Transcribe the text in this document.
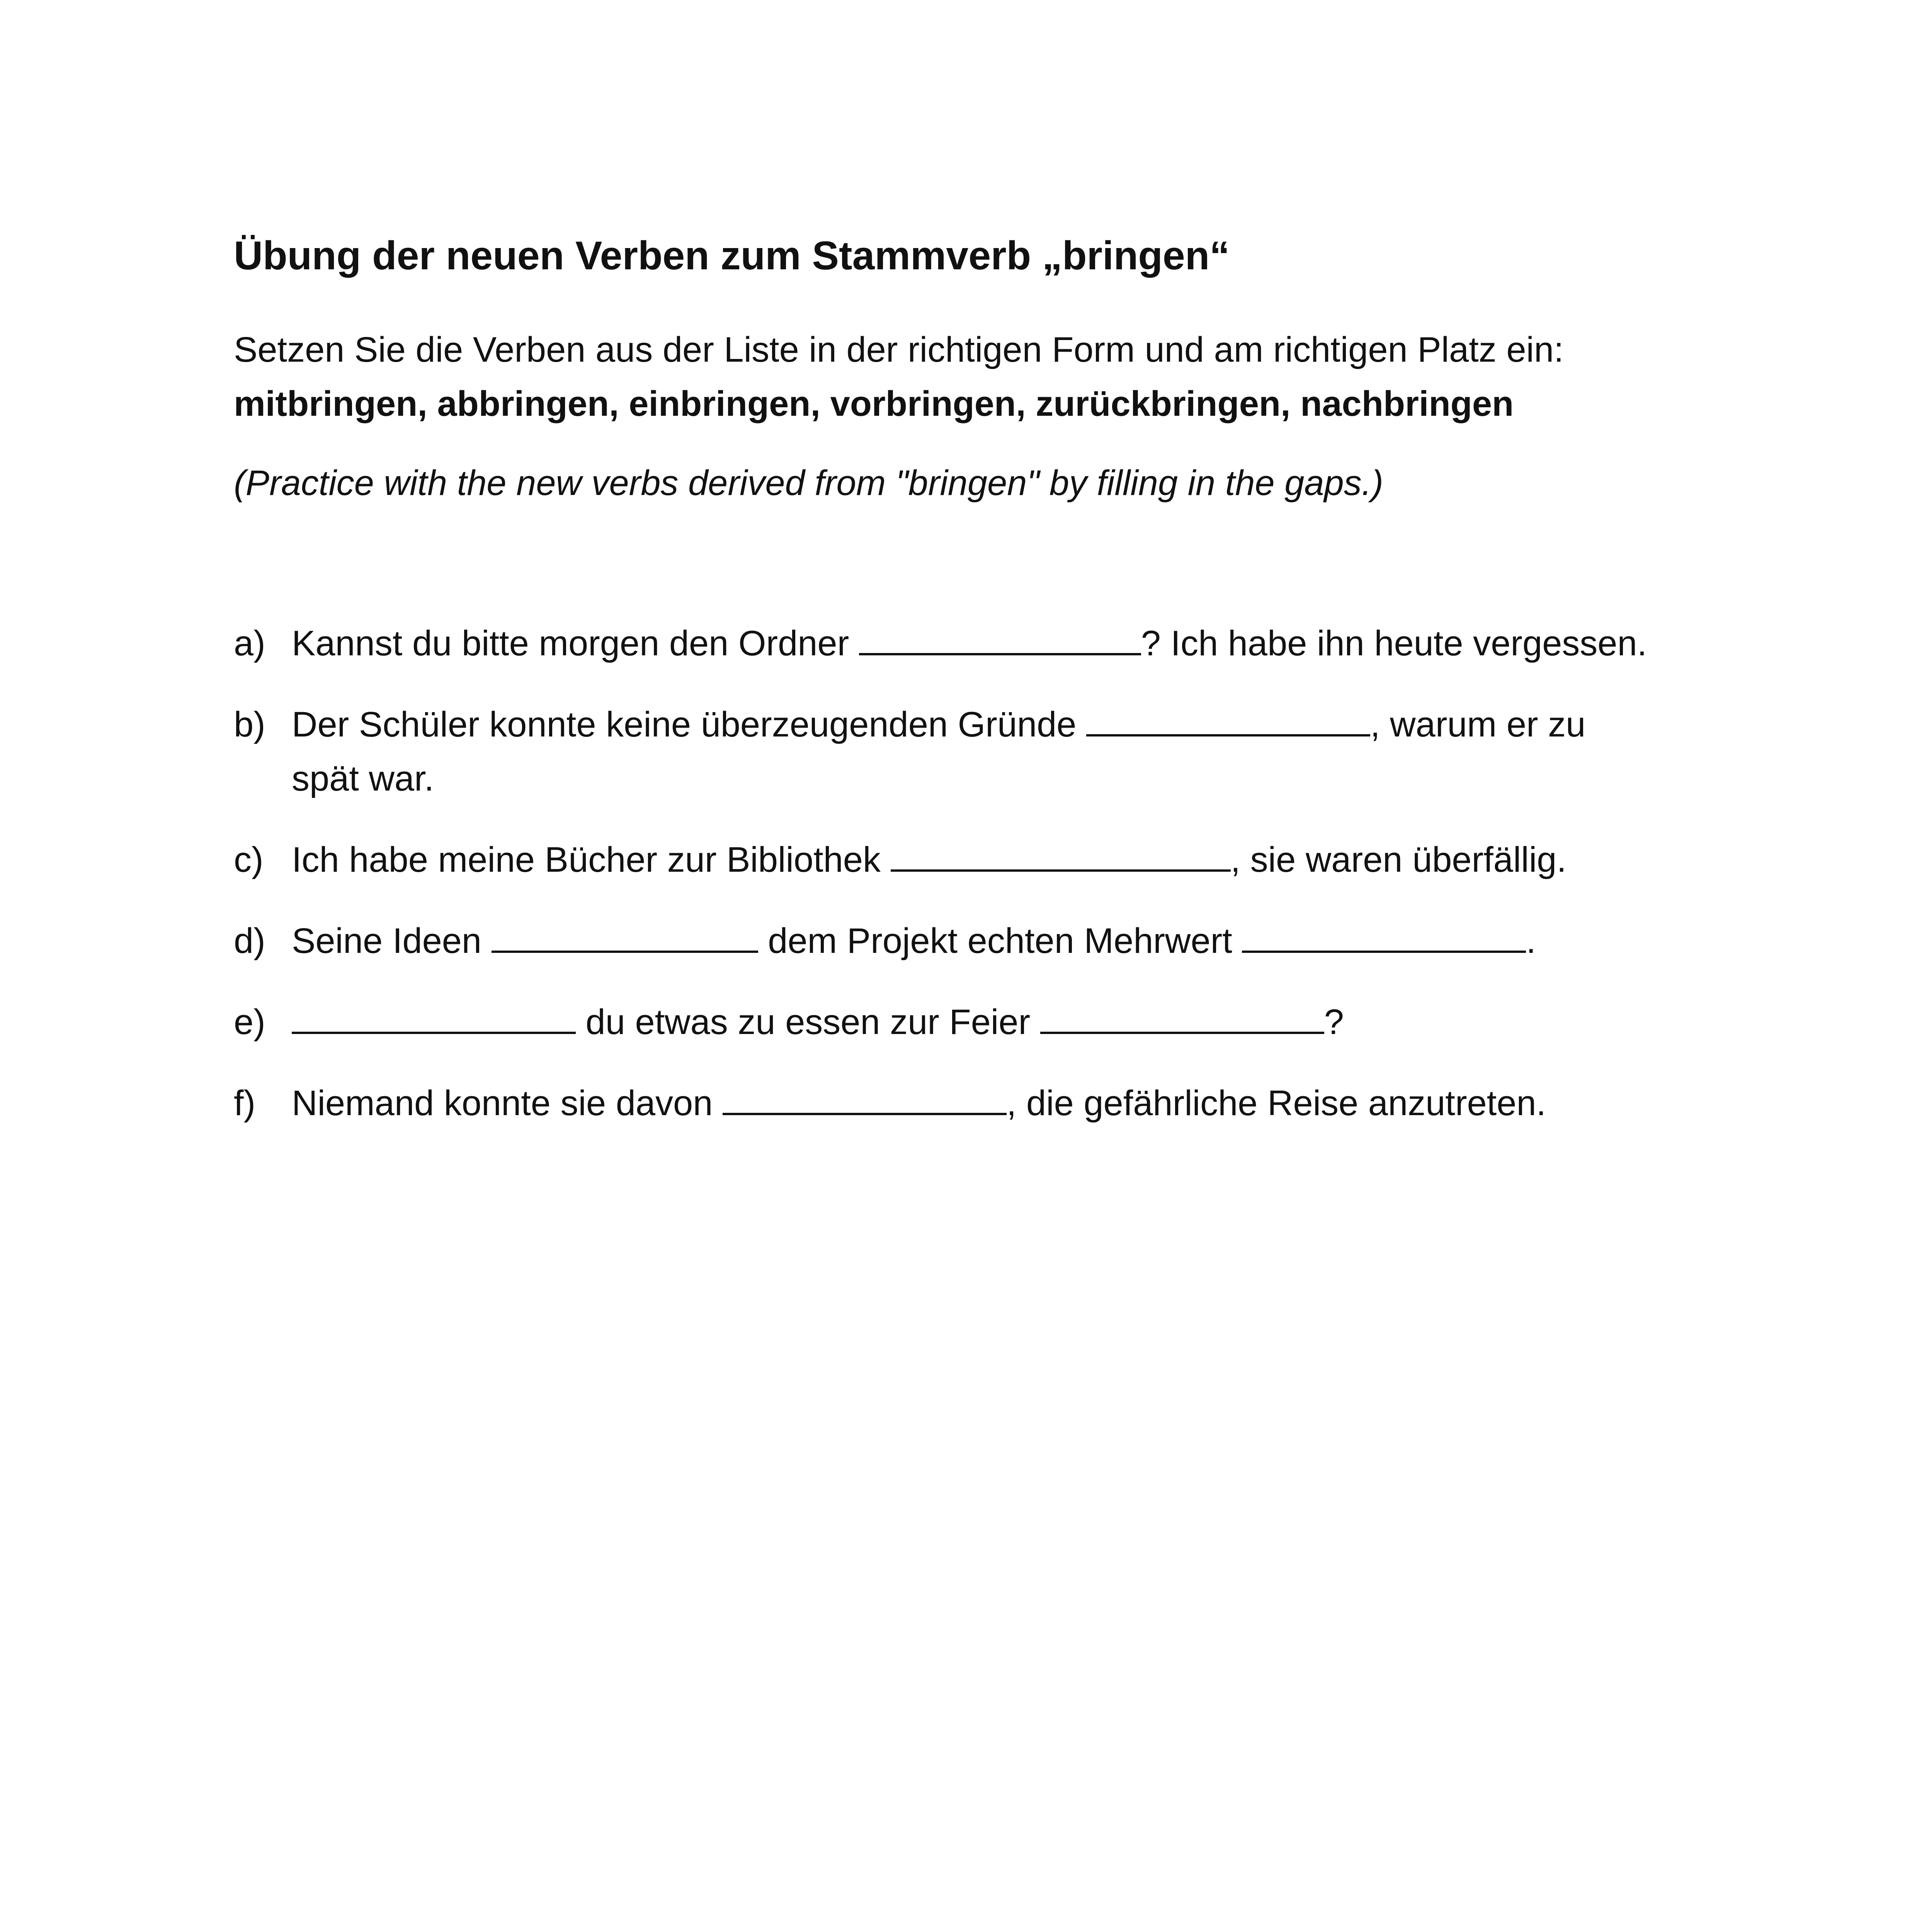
Übung der neuen Verben zum Stammverb „bringen“
Setzen Sie die Verben aus der Liste in der richtigen Form und am richtigen Platz ein:
mitbringen, abbringen, einbringen, vorbringen, zurückbringen, nachbringen
(Practice with the new verbs derived from "bringen" by filling in the gaps.)
a) Kannst du bitte morgen den Ordner	? Ich habe ihn heute vergessen.
b) Der Schüler konnte keine überzeugenden Gründe	, warum er zu
spät war.
c) Ich habe meine Bücher zur Bibliothek	, sie waren überfällig.
d) Seine Ideen	dem Projekt echten Mehrwert	.
e)	du etwas zu essen zur Feier	?
f)	Niemand konnte sie davon	, die gefährliche Reise anzutreten.
